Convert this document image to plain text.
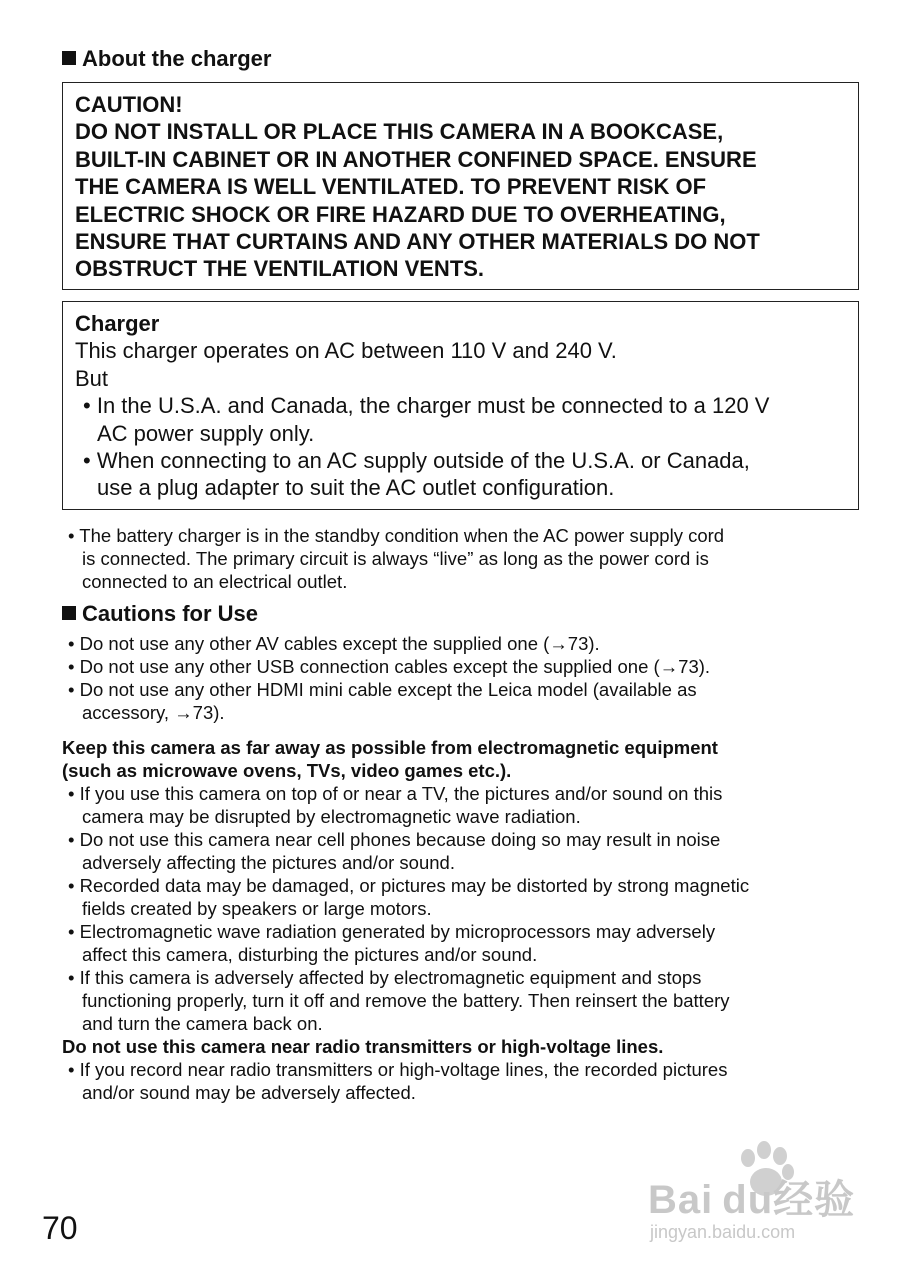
About the charger
CAUTION!
DO NOT INSTALL OR PLACE THIS CAMERA IN A BOOKCASE,
BUILT-IN CABINET OR IN ANOTHER CONFINED SPACE. ENSURE
THE CAMERA IS WELL VENTILATED. TO PREVENT RISK OF
ELECTRIC SHOCK OR FIRE HAZARD DUE TO OVERHEATING,
ENSURE THAT CURTAINS AND ANY OTHER MATERIALS DO NOT
OBSTRUCT THE VENTILATION VENTS.
Charger
This charger operates on AC between 110 V and 240 V.
But
• In the U.S.A. and Canada, the charger must be connected to a 120 V
AC power supply only.
• When connecting to an AC supply outside of the U.S.A. or Canada,
use a plug adapter to suit the AC outlet configuration.
• The battery charger is in the standby condition when the AC power supply cord
is connected. The primary circuit is always “live” as long as the power cord is
connected to an electrical outlet.
Cautions for Use
• Do not use any other AV cables except the supplied one (→73).
• Do not use any other USB connection cables except the supplied one (→73).
• Do not use any other HDMI mini cable except the Leica model (available as
accessory, →73).
Keep this camera as far away as possible from electromagnetic equipment
(such as microwave ovens, TVs, video games etc.).
• If you use this camera on top of or near a TV, the pictures and/or sound on this
camera may be disrupted by electromagnetic wave radiation.
• Do not use this camera near cell phones because doing so may result in noise
adversely affecting the pictures and/or sound.
• Recorded data may be damaged, or pictures may be distorted by strong magnetic
fields created by speakers or large motors.
• Electromagnetic wave radiation generated by microprocessors may adversely
affect this camera, disturbing the pictures and/or sound.
• If this camera is adversely affected by electromagnetic equipment and stops
functioning properly, turn it off and remove the battery. Then reinsert the battery
and turn the camera back on.
Do not use this camera near radio transmitters or high-voltage lines.
• If you record near radio transmitters or high-voltage lines, the recorded pictures
and/or sound may be adversely affected.
70
Bai du经验
jingyan.baidu.com
